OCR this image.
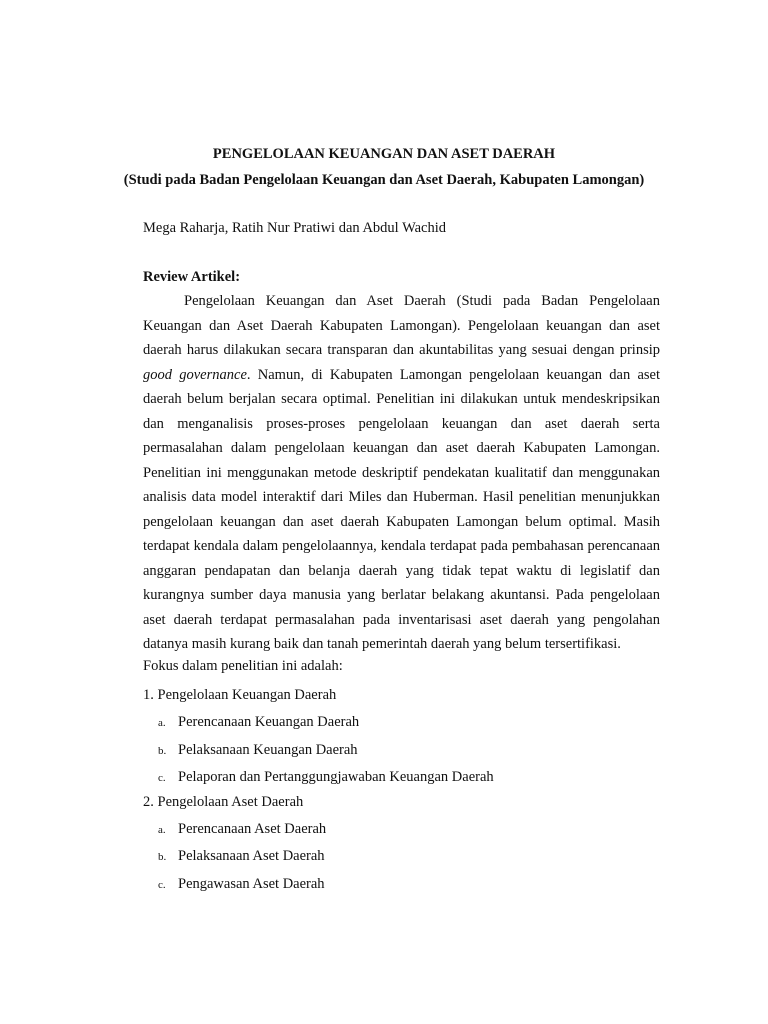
PENGELOLAAN KEUANGAN DAN ASET DAERAH
(Studi pada Badan Pengelolaan Keuangan dan Aset Daerah, Kabupaten Lamongan)
Mega Raharja, Ratih Nur Pratiwi dan Abdul Wachid
Review Artikel:

Pengelolaan Keuangan dan Aset Daerah (Studi pada Badan Pengelolaan Keuangan dan Aset Daerah Kabupaten Lamongan). Pengelolaan keuangan dan aset daerah harus dilakukan secara transparan dan akuntabilitas yang sesuai dengan prinsip good governance. Namun, di Kabupaten Lamongan pengelolaan keuangan dan aset daerah belum berjalan secara optimal. Penelitian ini dilakukan untuk mendeskripsikan dan menganalisis proses-proses pengelolaan keuangan dan aset daerah serta permasalahan dalam pengelolaan keuangan dan aset daerah Kabupaten Lamongan. Penelitian ini menggunakan metode deskriptif pendekatan kualitatif dan menggunakan analisis data model interaktif dari Miles dan Huberman. Hasil penelitian menunjukkan pengelolaan keuangan dan aset daerah Kabupaten Lamongan belum optimal. Masih terdapat kendala dalam pengelolaannya, kendala terdapat pada pembahasan perencanaan anggaran pendapatan dan belanja daerah yang tidak tepat waktu di legislatif dan kurangnya sumber daya manusia yang berlatar belakang akuntansi. Pada pengelolaan aset daerah terdapat permasalahan pada inventarisasi aset daerah yang pengolahan datanya masih kurang baik dan tanah pemerintah daerah yang belum tersertifikasi.

Fokus dalam penelitian ini adalah:
1. Pengelolaan Keuangan Daerah
a. Perencanaan Keuangan Daerah
b. Pelaksanaan Keuangan Daerah
c. Pelaporan dan Pertanggungjawaban Keuangan Daerah
2. Pengelolaan Aset Daerah
a. Perencanaan Aset Daerah
b. Pelaksanaan Aset Daerah
c. Pengawasan Aset Daerah
